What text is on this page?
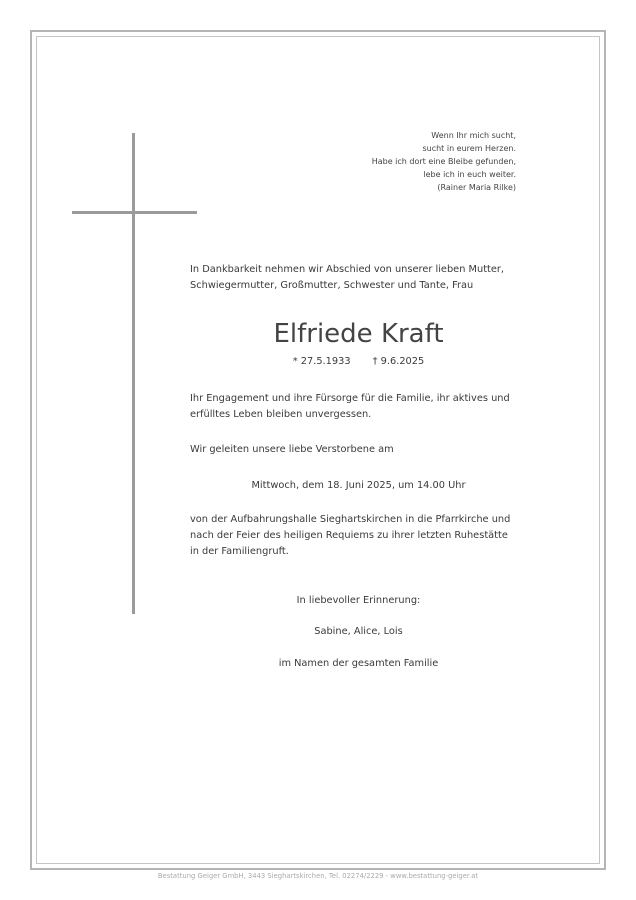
Wenn Ihr mich sucht,
sucht in eurem Herzen.
Habe ich dort eine Bleibe gefunden,
lebe ich in euch weiter.
(Rainer Maria Rilke)
In Dankbarkeit nehmen wir Abschied von unserer lieben Mutter,
Schwiegermutter, Großmutter, Schwester und Tante, Frau
Elfriede Kraft
* 27.5.1933 † 9.6.2025
Ihr Engagement und ihre Fürsorge für die Familie, ihr aktives und
erfülltes Leben bleiben unvergessen.
Wir geleiten unsere liebe Verstorbene am
Mittwoch, dem 18. Juni 2025, um 14.00 Uhr
von der Aufbahrungshalle Sieghartskirchen in die Pfarrkirche und
nach der Feier des heiligen Requiems zu ihrer letzten Ruhestätte
in der Familiengruft.
In liebevoller Erinnerung:
Sabine, Alice, Lois
im Namen der gesamten Familie
Bestattung Geiger GmbH, 3443 Sieghartskirchen, Tel. 02274/2229 - www.bestattung-geiger.at
